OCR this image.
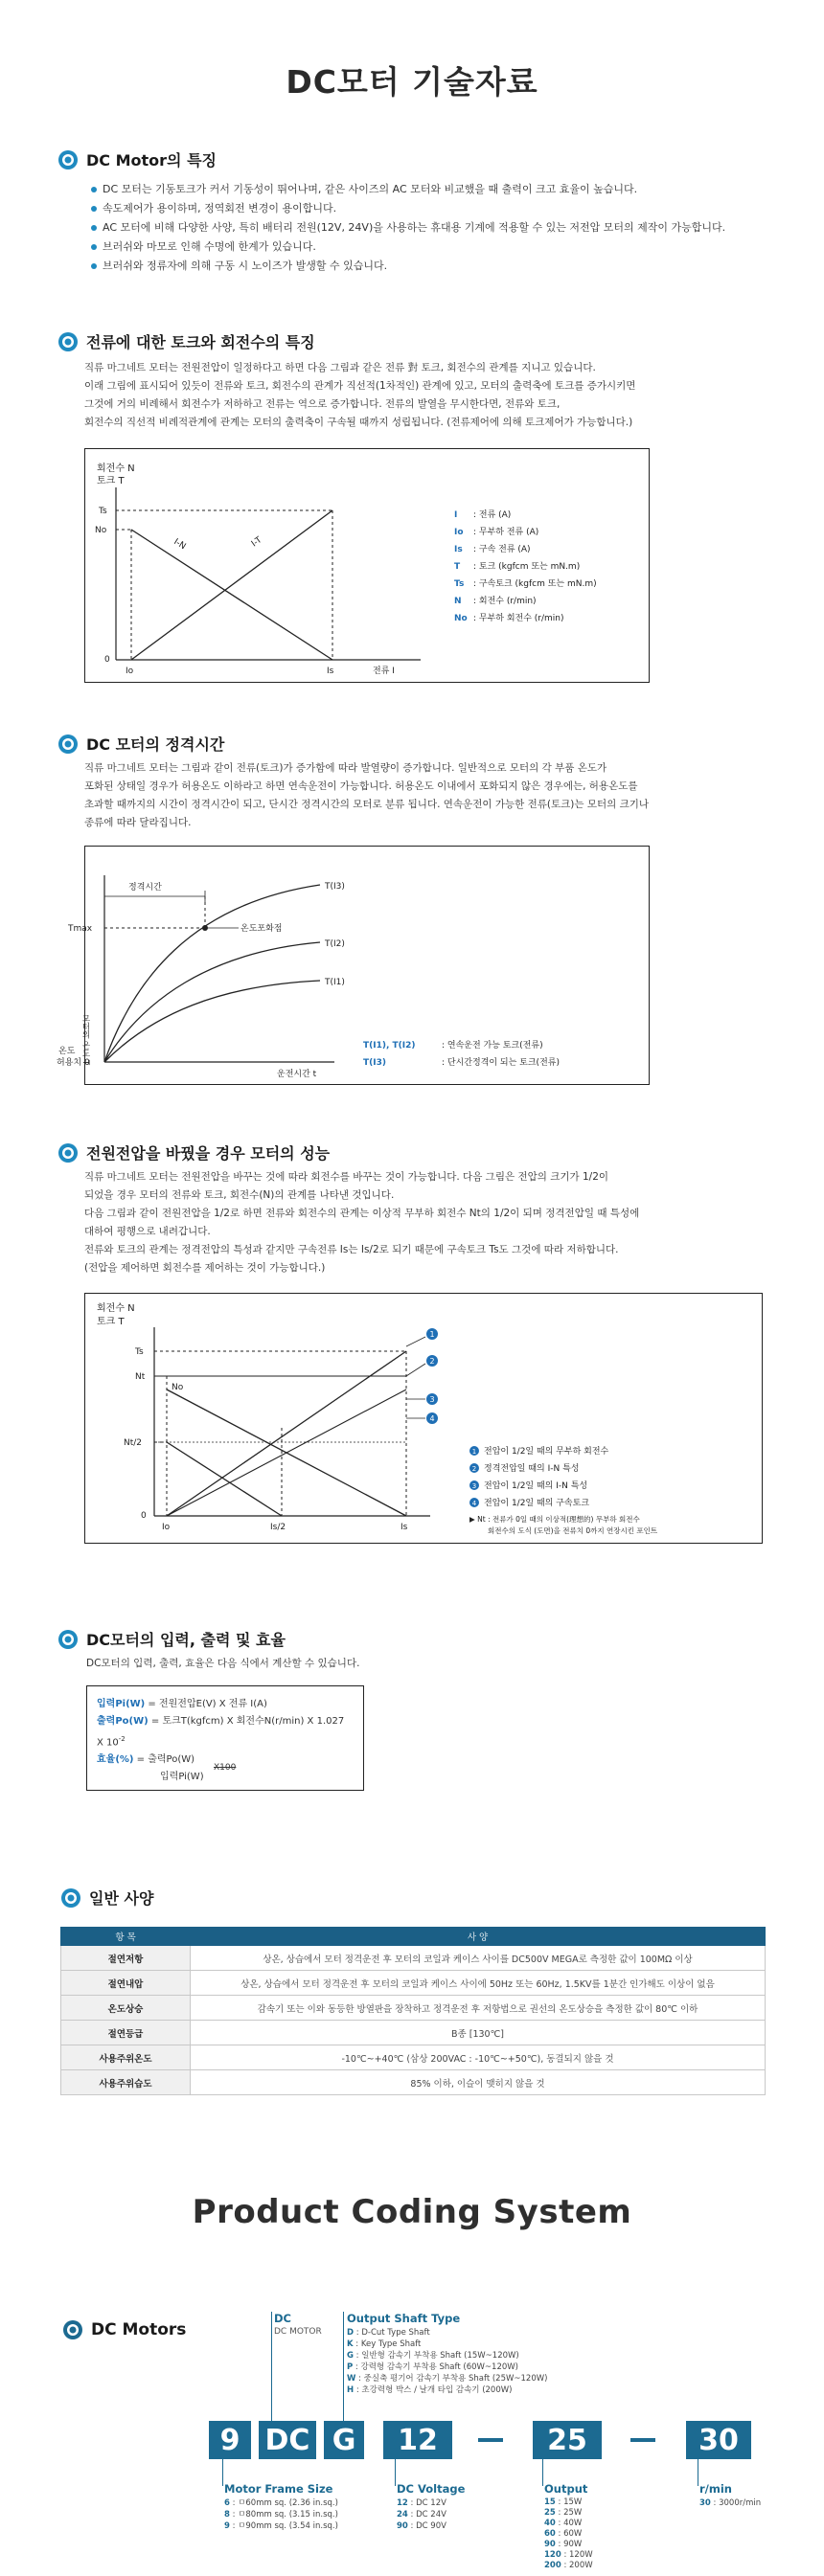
DC모터 기술자료
DC Motor의 특징
DC 모터는 기동토크가 커서 기동성이 뛰어나며, 같은 사이즈의 AC 모터와 비교했을 때 출력이 크고 효율이 높습니다.
속도제어가 용이하며, 정역회전 변경이 용이합니다.
AC 모터에 비해 다양한 사양, 특히 배터리 전원(12V, 24V)을 사용하는 휴대용 기계에 적용할 수 있는 저전압 모터의 제작이 가능합니다.
브러쉬와 마모로 인해 수명에 한계가 있습니다.
브러쉬와 정류자에 의해 구동 시 노이즈가 발생할 수 있습니다.
전류에 대한 토크와 회전수의 특징

직류 마그네트 모터는 전원전압이 일정하다고 하면 다음 그림과 같은 전류 對 토크, 회전수의 관계를 지니고 있습니다.

이래 그림에 표시되어 있듯이 전류와 토크, 회전수의 관계가 직선적(1차적인) 관계에 있고, 모터의 출력축에 토크를 증가시키면

그것에 거의 비례해서 회전수가 저하하고 전류는 역으로 증가합니다. 전류의 발열을 무시한다면, 전류와 토크,

회전수의 직선적 비례적관계에 관계는 모터의 출력축이 구속될 때까지 성립됩니다. (전류제어에 의해 토크제어가 가능합니다.)

회전수 N
토크 T
I-N	I-T
Ts
No
0
Io	Is	전류 I
I : 전류 (A)
Io : 무부하 전류 (A)
Is : 구속 전류 (A)
T : 토크 (kgfcm 또는 mN.m)
Ts : 구속토크 (kgfcm 또는 mN.m)
N : 회전수 (r/min)
No : 무부하 회전수 (r/min)
DC 모터의 정격시간

직류 마그네트 모터는 그림과 같이 전류(토크)가 증가함에 따라 발열량이 증가합니다. 일반적으로 모터의 각 부품 온도가

포화된 상태일 경우가 허용온도 이하라고 하면 연속운전이 가능합니다. 허용온도 이내에서 포화되지 않은 경우에는, 허용온도를

초과할 때까지의 시간이 정격시간이 되고, 단시간 정격시간의 모터로 분류 됩니다. 연속운전이 가능한 전류(토크)는 모터의 크기나

종류에 따라 달라집니다.

정격시간
온도포화점
T(I3)
T(I2)
T(I1)
Tmax
모터의 온도 T
온도
허용치 0
운전시간 t
T(I1), T(I2)	: 연속운전 가능 토크(전류)
T(I3)	: 단시간정격이 되는 토크(전류)
전원전압을 바꿨을 경우 모터의 성능

직류 마그네트 모터는 전원전압을 바꾸는 것에 따라 회전수를 바꾸는 것이 가능합니다. 다음 그림은 전압의 크기가 1/2이

되었을 경우 모터의 전류와 토크, 회전수(N)의 관계를 나타낸 것입니다.

다음 그림과 같이 전원전압을 1/2로 하면 전류와 회전수의 관계는 이상적 무부하 회전수 Nt의 1/2이 되며 정격전압일 때 특성에

대하여 평행으로 내려갑니다.

전류와 토크의 관계는 정격전압의 특성과 같지만 구속전류 Is는 Is/2로 되기 때문에 구속토크 Ts도 그것에 따라 저하합니다.

(전압을 제어하면 회전수를 제어하는 것이 가능합니다.)

회전수 N
토크 T
1
2
3
4
Ts
Nt
No
Nt/2
0
Io	Is/2	Is
1 전압이 1/2일 때의 무부하 회전수
2 정격전압일 때의 I-N 특성
3 전압이 1/2일 때의 I-N 특성
4 전압이 1/2일 때의 구속토크
▶ Nt : 전류가 0일 때의 이상적(理想的) 무부하 회전수
회전수의 도식 (도면)을 전류치 0까지 연장시킨 포인트
DC모터의 입력, 출력 및 효율

DC모터의 입력, 출력, 효율은 다음 식에서 계산할 수 있습니다.

입력Pi(W) = 전원전압E(V) X 전류 I(A)
출력Po(W) = 토크T(kgfcm) X 회전수N(r/min) X 1.027 X $10^{-2}$
효율(%) = 출력Po(W)
X100
입력Pi(W)
일반 사양
항 목	사 양
절연저항	상온, 상습에서 모터 정격운전 후 모터의 코일과 케이스 사이를 DC500V MEGA로 측정한 값이 100MΩ 이상
절연내압	상온, 상습에서 모터 정격운전 후 모터의 코일과 케이스 사이에 50Hz 또는 60Hz, 1.5KV를 1분간 인가해도 이상이 없음
온도상승	감속기 또는 이와 동등한 방열판을 장착하고 정격운전 후 저항법으로 권선의 온도상승을 측정한 값이 80℃ 이하
절연등급	B종 [130℃]
사용주위온도	-10℃~+40℃ (삼상 200VAC : -10℃~+50℃), 동결되지 않을 것
사용주위습도	85% 이하, 이슬이 맺히지 않을 것
Product Coding System
DC Motors
DC
DC MOTOR
Output Shaft Type
D : D-Cut Type Shaft
K : Key Type Shaft
G : 일반형 감속기 부착용 Shaft (15W~120W)
P : 강력형 감속기 부착용 Shaft (60W~120W)
W : 중실축 평기어 감속기 부착용 Shaft (25W~120W)
H : 초강력형 박스 / 날개 타입 감속기 (200W)
9 DC G	12	25	30
Motor Frame Size
6 : ㅁ60mm sq. (2.36 in.sq.)
8 : ㅁ80mm sq. (3.15 in.sq.)
9 : ㅁ90mm sq. (3.54 in.sq.)
DC Voltage
12 : DC 12V
24 : DC 24V
90 : DC 90V
Output
15 : 15W
25 : 25W
40 : 40W
60 : 60W
90 : 90W
120 : 120W
200 : 200W
r/min
30 : 3000r/min
